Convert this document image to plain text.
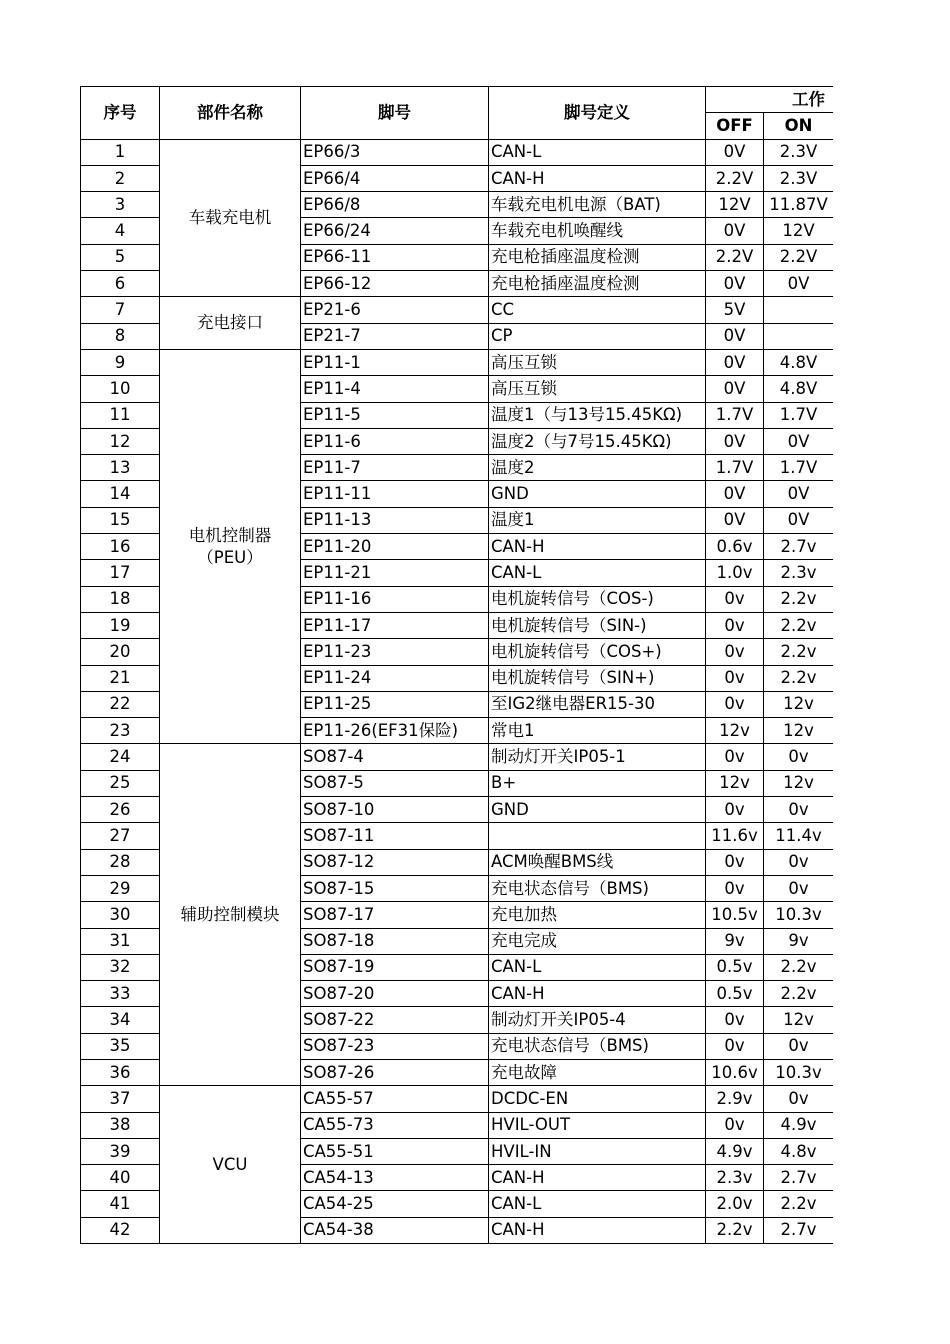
序号	部件名称	脚号	脚号定义	工作		
				OFF	ON	
1	车载充电机	EP66/3	CAN-L	0V	2.3V	
2		EP66/4	CAN-H	2.2V	2.3V	
3		EP66/8	车载充电机电源（BAT)	12V	11.87V	
4		EP66/24	车载充电机唤醒线	0V	12V	
5		EP66-11	充电枪插座温度检测	2.2V	2.2V	
6		EP66-12	充电枪插座温度检测	0V	0V	
7	充电接口	EP21-6	CC	5V		
8		EP21-7	CP	0V		
9	电机控制器（PEU）	EP11-1	高压互锁	0V	4.8V	
10		EP11-4	高压互锁	0V	4.8V	
11		EP11-5	温度1（与13号15.45KΩ)	1.7V	1.7V	
12		EP11-6	温度2（与7号15.45KΩ)	0V	0V	
13		EP11-7	温度2	1.7V	1.7V	
14		EP11-11	GND	0V	0V	
15		EP11-13	温度1	0V	0V	
16		EP11-20	CAN-H	0.6v	2.7v	
17		EP11-21	CAN-L	1.0v	2.3v	
18		EP11-16	电机旋转信号（COS-)	0v	2.2v	
19		EP11-17	电机旋转信号（SIN-)	0v	2.2v	
20		EP11-23	电机旋转信号（COS+)	0v	2.2v	
21		EP11-24	电机旋转信号（SIN+)	0v	2.2v	
22		EP11-25	至IG2继电器ER15-30	0v	12v	
23		EP11-26(EF31保险)	常电1	12v	12v	
24	辅助控制模块	SO87-4	制动灯开关IP05-1	0v	0v	
25		SO87-5	B+	12v	12v	
26		SO87-10	GND	0v	0v	
27		SO87-11		11.6v	11.4v	
28		SO87-12	ACM唤醒BMS线	0v	0v	
29		SO87-15	充电状态信号（BMS)	0v	0v	
30		SO87-17	充电加热	10.5v	10.3v	
31		SO87-18	充电完成	9v	9v	
32		SO87-19	CAN-L	0.5v	2.2v	
33		SO87-20	CAN-H	0.5v	2.2v	
34		SO87-22	制动灯开关IP05-4	0v	12v	
35		SO87-23	充电状态信号（BMS)	0v	0v	
36		SO87-26	充电故障	10.6v	10.3v	
37	VCU	CA55-57	DCDC-EN	2.9v	0v	
38		CA55-73	HVIL-OUT	0v	4.9v	
39		CA55-51	HVIL-IN	4.9v	4.8v	
40		CA54-13	CAN-H	2.3v	2.7v	
41		CA54-25	CAN-L	2.0v	2.2v	
42		CA54-38	CAN-H	2.2v	2.7v	
